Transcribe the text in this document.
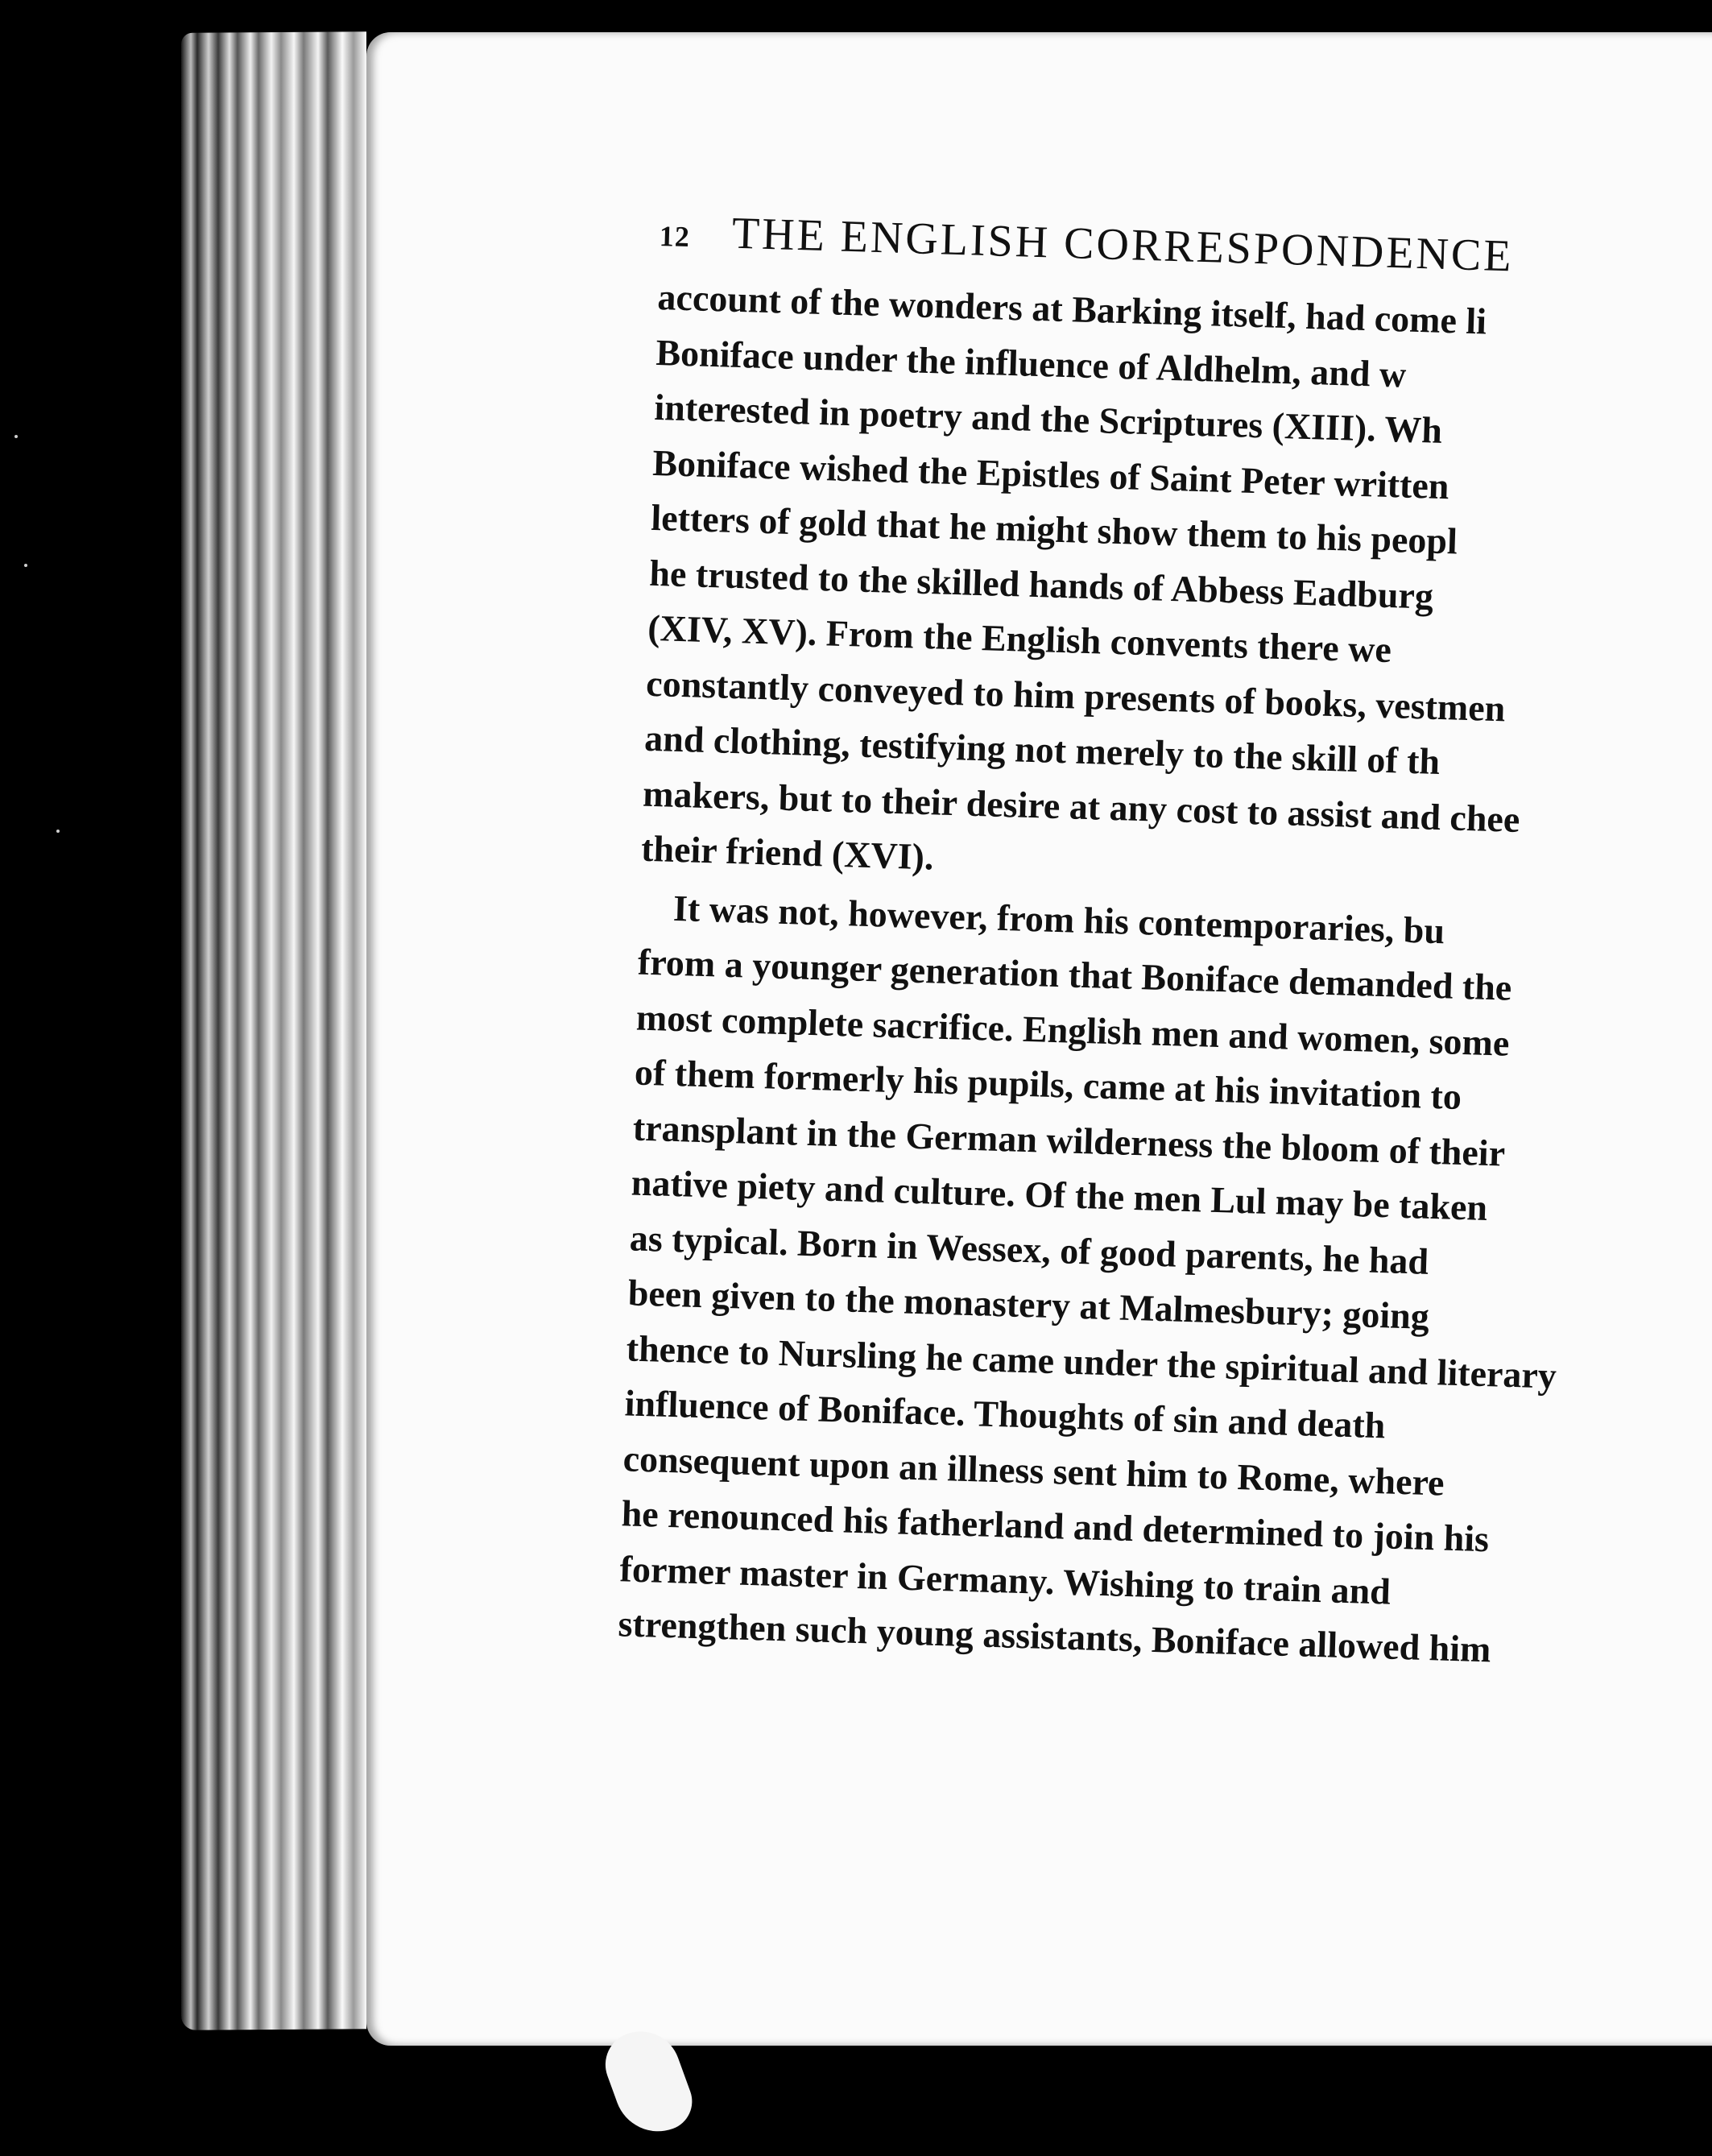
12 THE ENGLISH CORRESPONDENCE

account of the wonders at Barking itself, had come li
Boniface under the influence of Aldhelm, and w
interested in poetry and the Scriptures (XIII). Wh
Boniface wished the Epistles of Saint Peter written
letters of gold that he might show them to his peopl
he trusted to the skilled hands of Abbess Eadburg
(XIV, XV). From the English convents there we
constantly conveyed to him presents of books, vestmen
and clothing, testifying not merely to the skill of th
makers, but to their desire at any cost to assist and chee
their friend (XVI).

It was not, however, from his contemporaries, bu
from a younger generation that Boniface demanded the
most complete sacrifice. English men and women, some
of them formerly his pupils, came at his invitation to
transplant in the German wilderness the bloom of their
native piety and culture. Of the men Lul may be taken
as typical. Born in Wessex, of good parents, he had
been given to the monastery at Malmesbury; going
thence to Nursling he came under the spiritual and literary
influence of Boniface. Thoughts of sin and death
consequent upon an illness sent him to Rome, where
he renounced his fatherland and determined to join his
former master in Germany. Wishing to train and
strengthen such young assistants, Boniface allowed him
